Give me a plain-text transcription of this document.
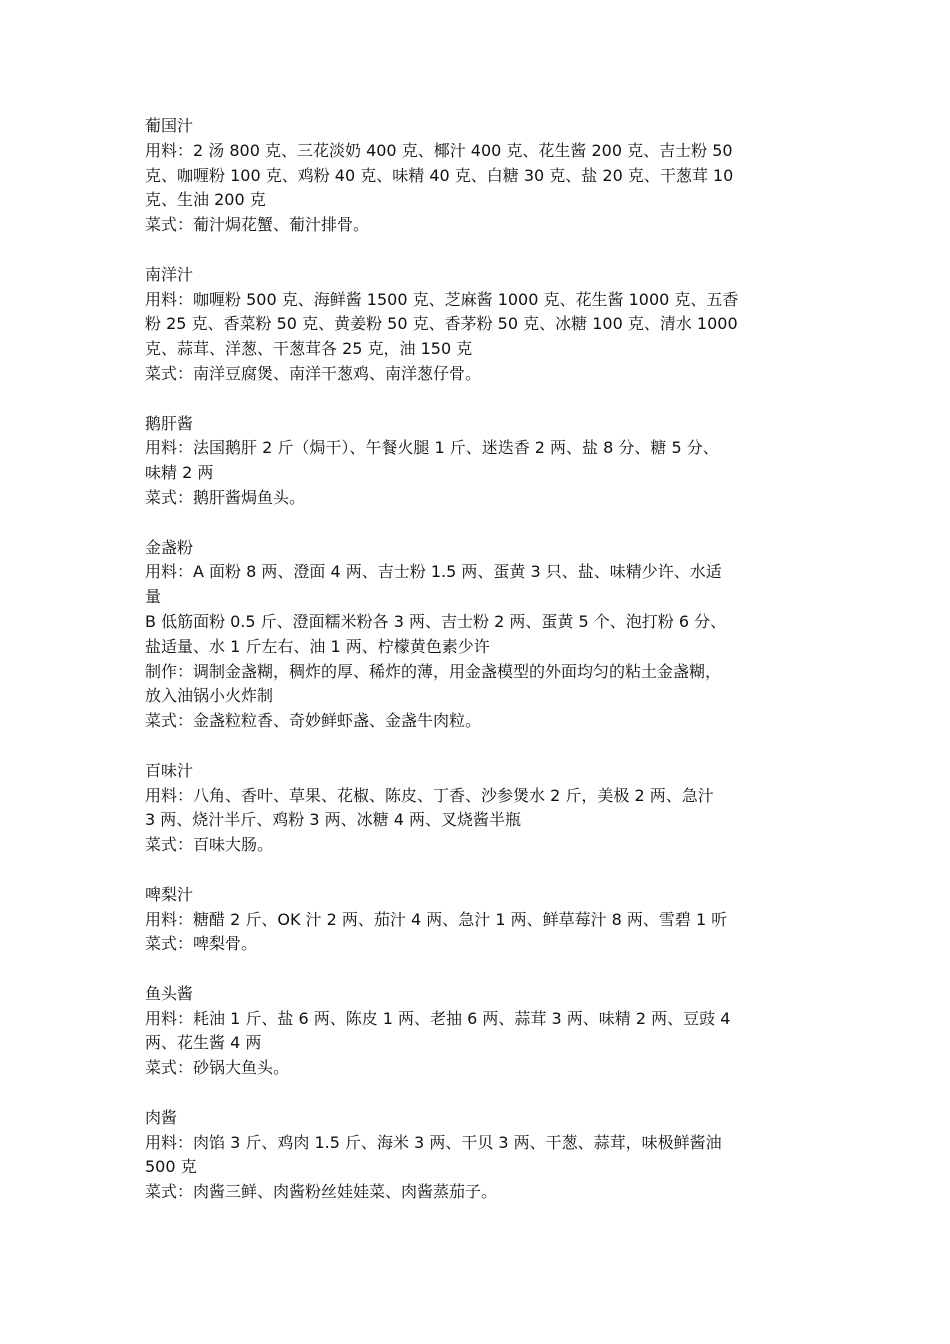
葡国汁

用料：2 汤 800 克、三花淡奶 400 克、椰汁 400 克、花生酱 200 克、吉士粉 50

克、咖喱粉 100 克、鸡粉 40 克、味精 40 克、白糖 30 克、盐 20 克、干葱茸 10

克、生油 200 克

菜式：葡汁焗花蟹、葡汁排骨。

南洋汁

用料：咖喱粉 500 克、海鲜酱 1500 克、芝麻酱 1000 克、花生酱 1000 克、五香

粉 25 克、香菜粉 50 克、黄姜粉 50 克、香茅粉 50 克、冰糖 100 克、清水 1000

克、蒜茸、洋葱、干葱茸各 25 克，油 150 克

菜式：南洋豆腐煲、南洋干葱鸡、南洋葱仔骨。

鹅肝酱

用料：法国鹅肝 2 斤（焗干）、午餐火腿 1 斤、迷迭香 2 两、盐 8 分、糖 5 分、

味精 2 两

菜式：鹅肝酱焗鱼头。

金盏粉

用料：A 面粉 8 两、澄面 4 两、吉士粉 1.5 两、蛋黄 3 只、盐、味精少许、水适

量

B 低筋面粉 0.5 斤、澄面糯米粉各 3 两、吉士粉 2 两、蛋黄 5 个、泡打粉 6 分、

盐适量、水 1 斤左右、油 1 两、柠檬黄色素少许

制作：调制金盏糊，稠炸的厚、稀炸的薄，用金盏模型的外面均匀的粘土金盏糊，

放入油锅小火炸制

菜式：金盏粒粒香、奇妙鲜虾盏、金盏牛肉粒。

百味汁

用料：八角、香叶、草果、花椒、陈皮、丁香、沙参煲水 2 斤，美极 2 两、急汁

3 两、烧汁半斤、鸡粉 3 两、冰糖 4 两、叉烧酱半瓶

菜式：百味大肠。

啤梨汁

用料：糖醋 2 斤、OK 汁 2 两、茄汁 4 两、急汁 1 两、鲜草莓汁 8 两、雪碧 1 听

菜式：啤梨骨。

鱼头酱

用料：耗油 1 斤、盐 6 两、陈皮 1 两、老抽 6 两、蒜茸 3 两、味精 2 两、豆豉 4

两、花生酱 4 两

菜式：砂锅大鱼头。

肉酱

用料：肉馅 3 斤、鸡肉 1.5 斤、海米 3 两、干贝 3 两、干葱、蒜茸，味极鲜酱油

500 克

菜式：肉酱三鲜、肉酱粉丝娃娃菜、肉酱蒸茄子。
